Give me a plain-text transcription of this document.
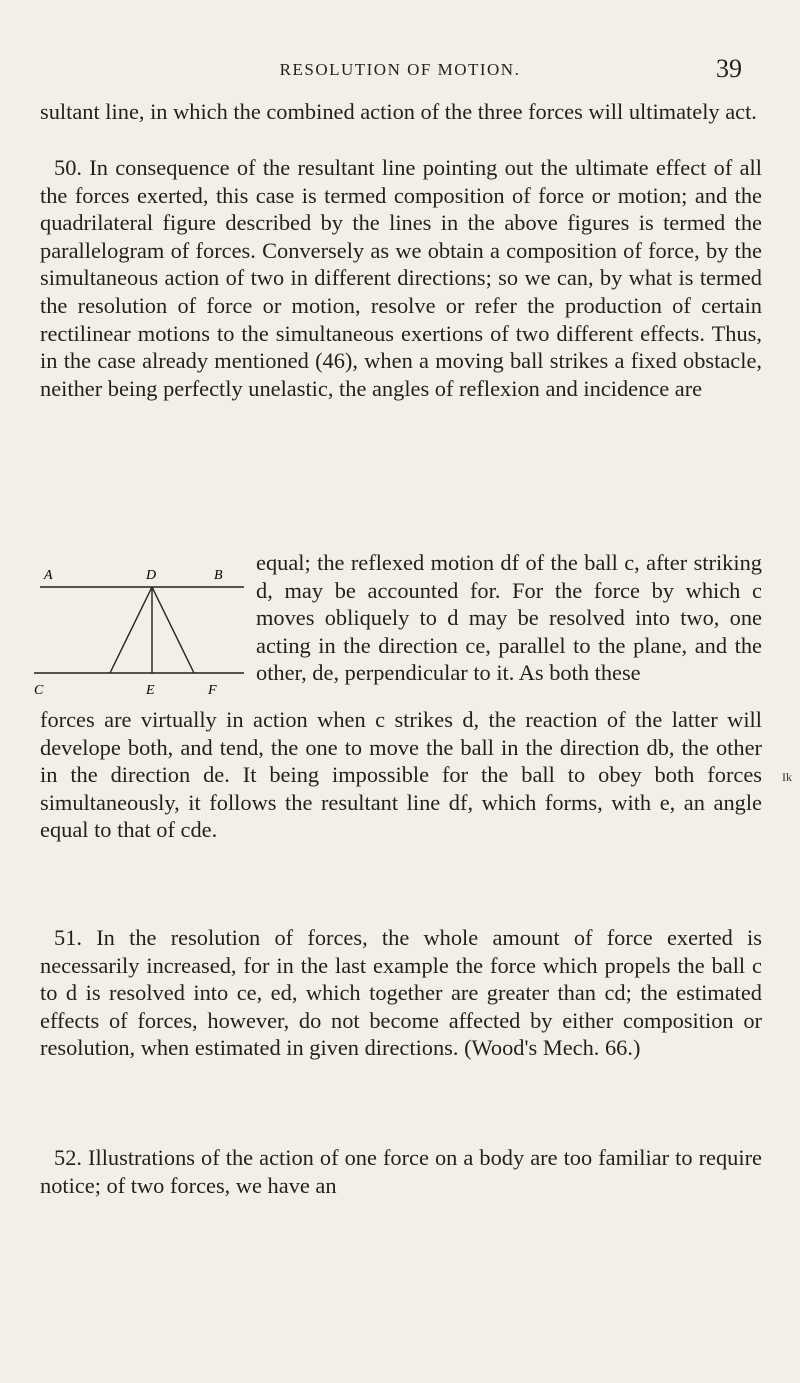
RESOLUTION OF MOTION.	39

sultant line, in which the combined action of the three forces will ultimately act.

50. In consequence of the resultant line pointing out the ultimate effect of all the forces exerted, this case is termed composition of force or motion; and the quadrilateral figure described by the lines in the above figures is termed the parallelogram of forces. Conversely as we obtain a composition of force, by the simultaneous action of two in different directions; so we can, by what is termed the resolution of force or motion, resolve or refer the production of certain rectilinear motions to the simultaneous exertions of two different effects. Thus, in the case already mentioned (46), when a moving ball strikes a fixed obstacle, neither being perfectly unelastic, the angles of reflexion and incidence are

A	D	B
C	E	F

equal; the reflexed motion df of the ball c, after striking d, may be accounted for. For the force by which c moves obliquely to d may be resolved into two, one acting in the direction ce, parallel to the plane, and the other, de, perpendicular to it. As both these

forces are virtually in action when c strikes d, the reaction of the latter will develope both, and tend, the one to move the ball in the direction db, the other in the direction de. It being impossible for the ball to obey both forces simultaneously, it follows the resultant line df, which forms, with e, an angle equal to that of cde.

51. In the resolution of forces, the whole amount of force exerted is necessarily increased, for in the last example the force which propels the ball c to d is resolved into ce, ed, which together are greater than cd; the estimated effects of forces, however, do not become affected by either composition or resolution, when estimated in given directions. (Wood's Mech. 66.)

52. Illustrations of the action of one force on a body are too familiar to require notice; of two forces, we have an

Ik
